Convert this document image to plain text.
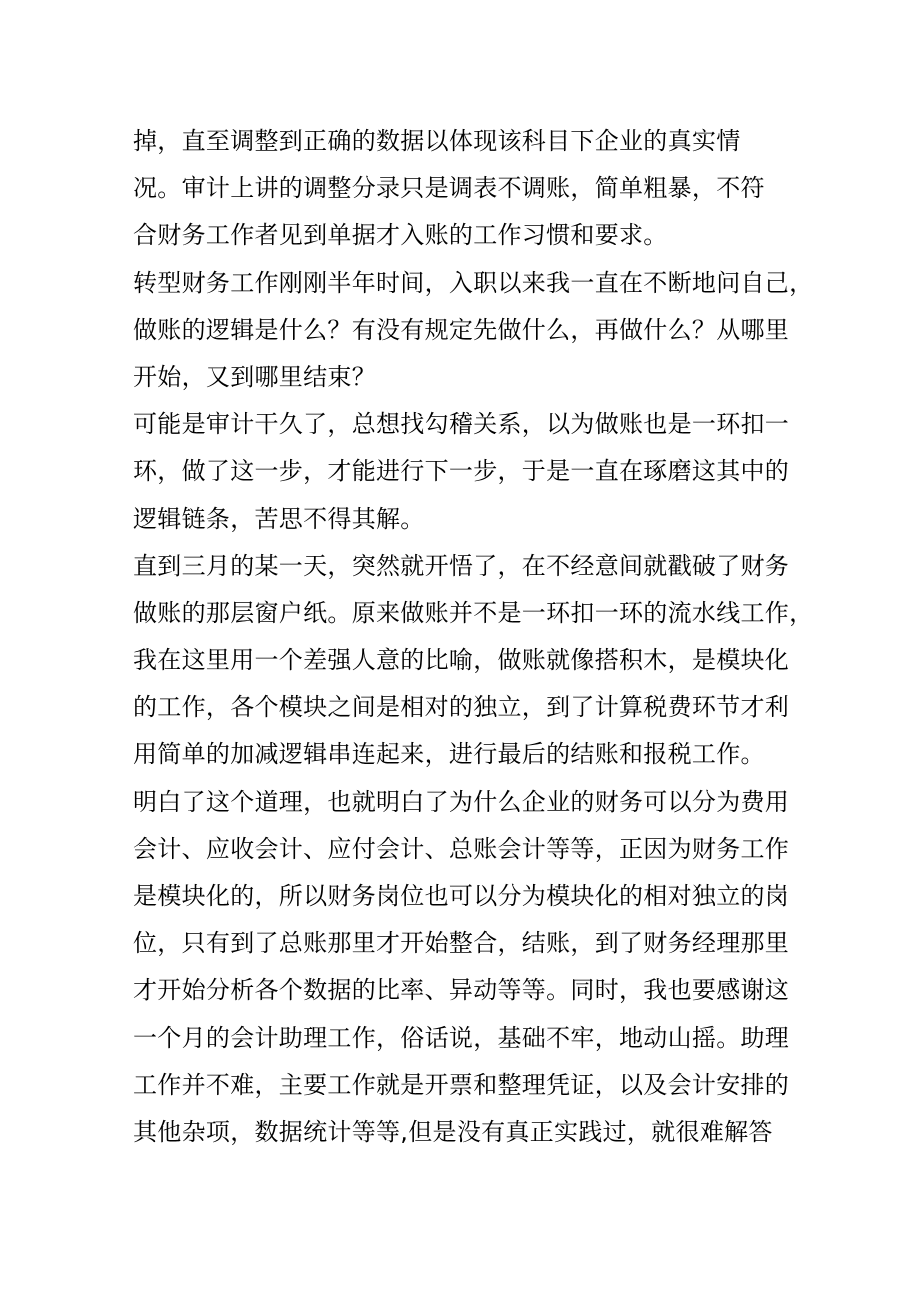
掉，直至调整到正确的数据以体现该科目下企业的真实情
况。审计上讲的调整分录只是调表不调账，简单粗暴，不符
合财务工作者见到单据才入账的工作习惯和要求。
转型财务工作刚刚半年时间，入职以来我一直在不断地问自己，
做账的逻辑是什么？有没有规定先做什么，再做什么？从哪里
开始，又到哪里结束？
可能是审计干久了，总想找勾稽关系，以为做账也是一环扣一
环，做了这一步，才能进行下一步，于是一直在琢磨这其中的
逻辑链条，苦思不得其解。
直到三月的某一天，突然就开悟了，在不经意间就戳破了财务
做账的那层窗户纸。原来做账并不是一环扣一环的流水线工作，
我在这里用一个差强人意的比喻，做账就像搭积木，是模块化
的工作，各个模块之间是相对的独立，到了计算税费环节才利
用简单的加减逻辑串连起来，进行最后的结账和报税工作。
明白了这个道理，也就明白了为什么企业的财务可以分为费用
会计、应收会计、应付会计、总账会计等等，正因为财务工作
是模块化的，所以财务岗位也可以分为模块化的相对独立的岗
位，只有到了总账那里才开始整合，结账，到了财务经理那里
才开始分析各个数据的比率、异动等等。同时，我也要感谢这
一个月的会计助理工作，俗话说，基础不牢，地动山摇。助理
工作并不难，主要工作就是开票和整理凭证，以及会计安排的
其他杂项，数据统计等等,但是没有真正实践过，就很难解答
